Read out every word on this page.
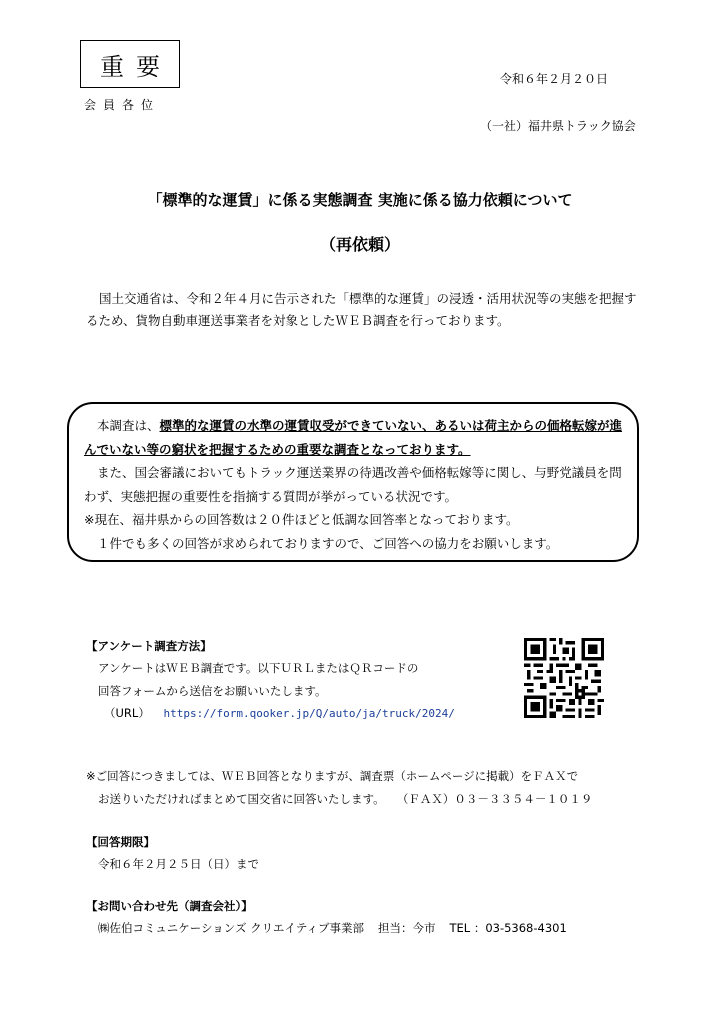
重要
会員各位
令和６年２月２０日
（一社）福井県トラック協会
「標準的な運賃」に係る実態調査 実施に係る協力依頼について
（再依頼）
国土交通省は、令和２年４月に告示された「標準的な運賃」の浸透・活用状況等の実態を把握するため、貨物自動車運送事業者を対象としたＷＥＢ調査を行っております。
本調査は、標準的な運賃の水準の運賃収受ができていない、あるいは荷主からの価格転嫁が進んでいない等の窮状を把握するための重要な調査となっております。
また、国会審議においてもトラック運送業界の待遇改善や価格転嫁等に関し、与野党議員を問わず、実態把握の重要性を指摘する質問が挙がっている状況です。
※現在、福井県からの回答数は２０件ほどと低調な回答率となっております。
１件でも多くの回答が求められておりますので、ご回答への協力をお願いします。
【アンケート調査方法】
アンケートはＷＥＢ調査です。以下ＵＲＬまたはＱＲコードの
回答フォームから送信をお願いいたします。
（URL） https://form.qooker.jp/Q/auto/ja/truck/2024/
※ご回答につきましては、ＷＥＢ回答となりますが、調査票（ホームページに掲載）をＦＡＸで
お送りいただければまとめて国交省に回答いたします。 （ＦＡＸ）０３－３３５４－１０１９
【回答期限】
令和６年２月２５日（日）まで
【お問い合わせ先（調査会社）】
㈱佐伯コミュニケーションズ クリエイティブ事業部 担当：今市 TEL ：03-5368-4301
